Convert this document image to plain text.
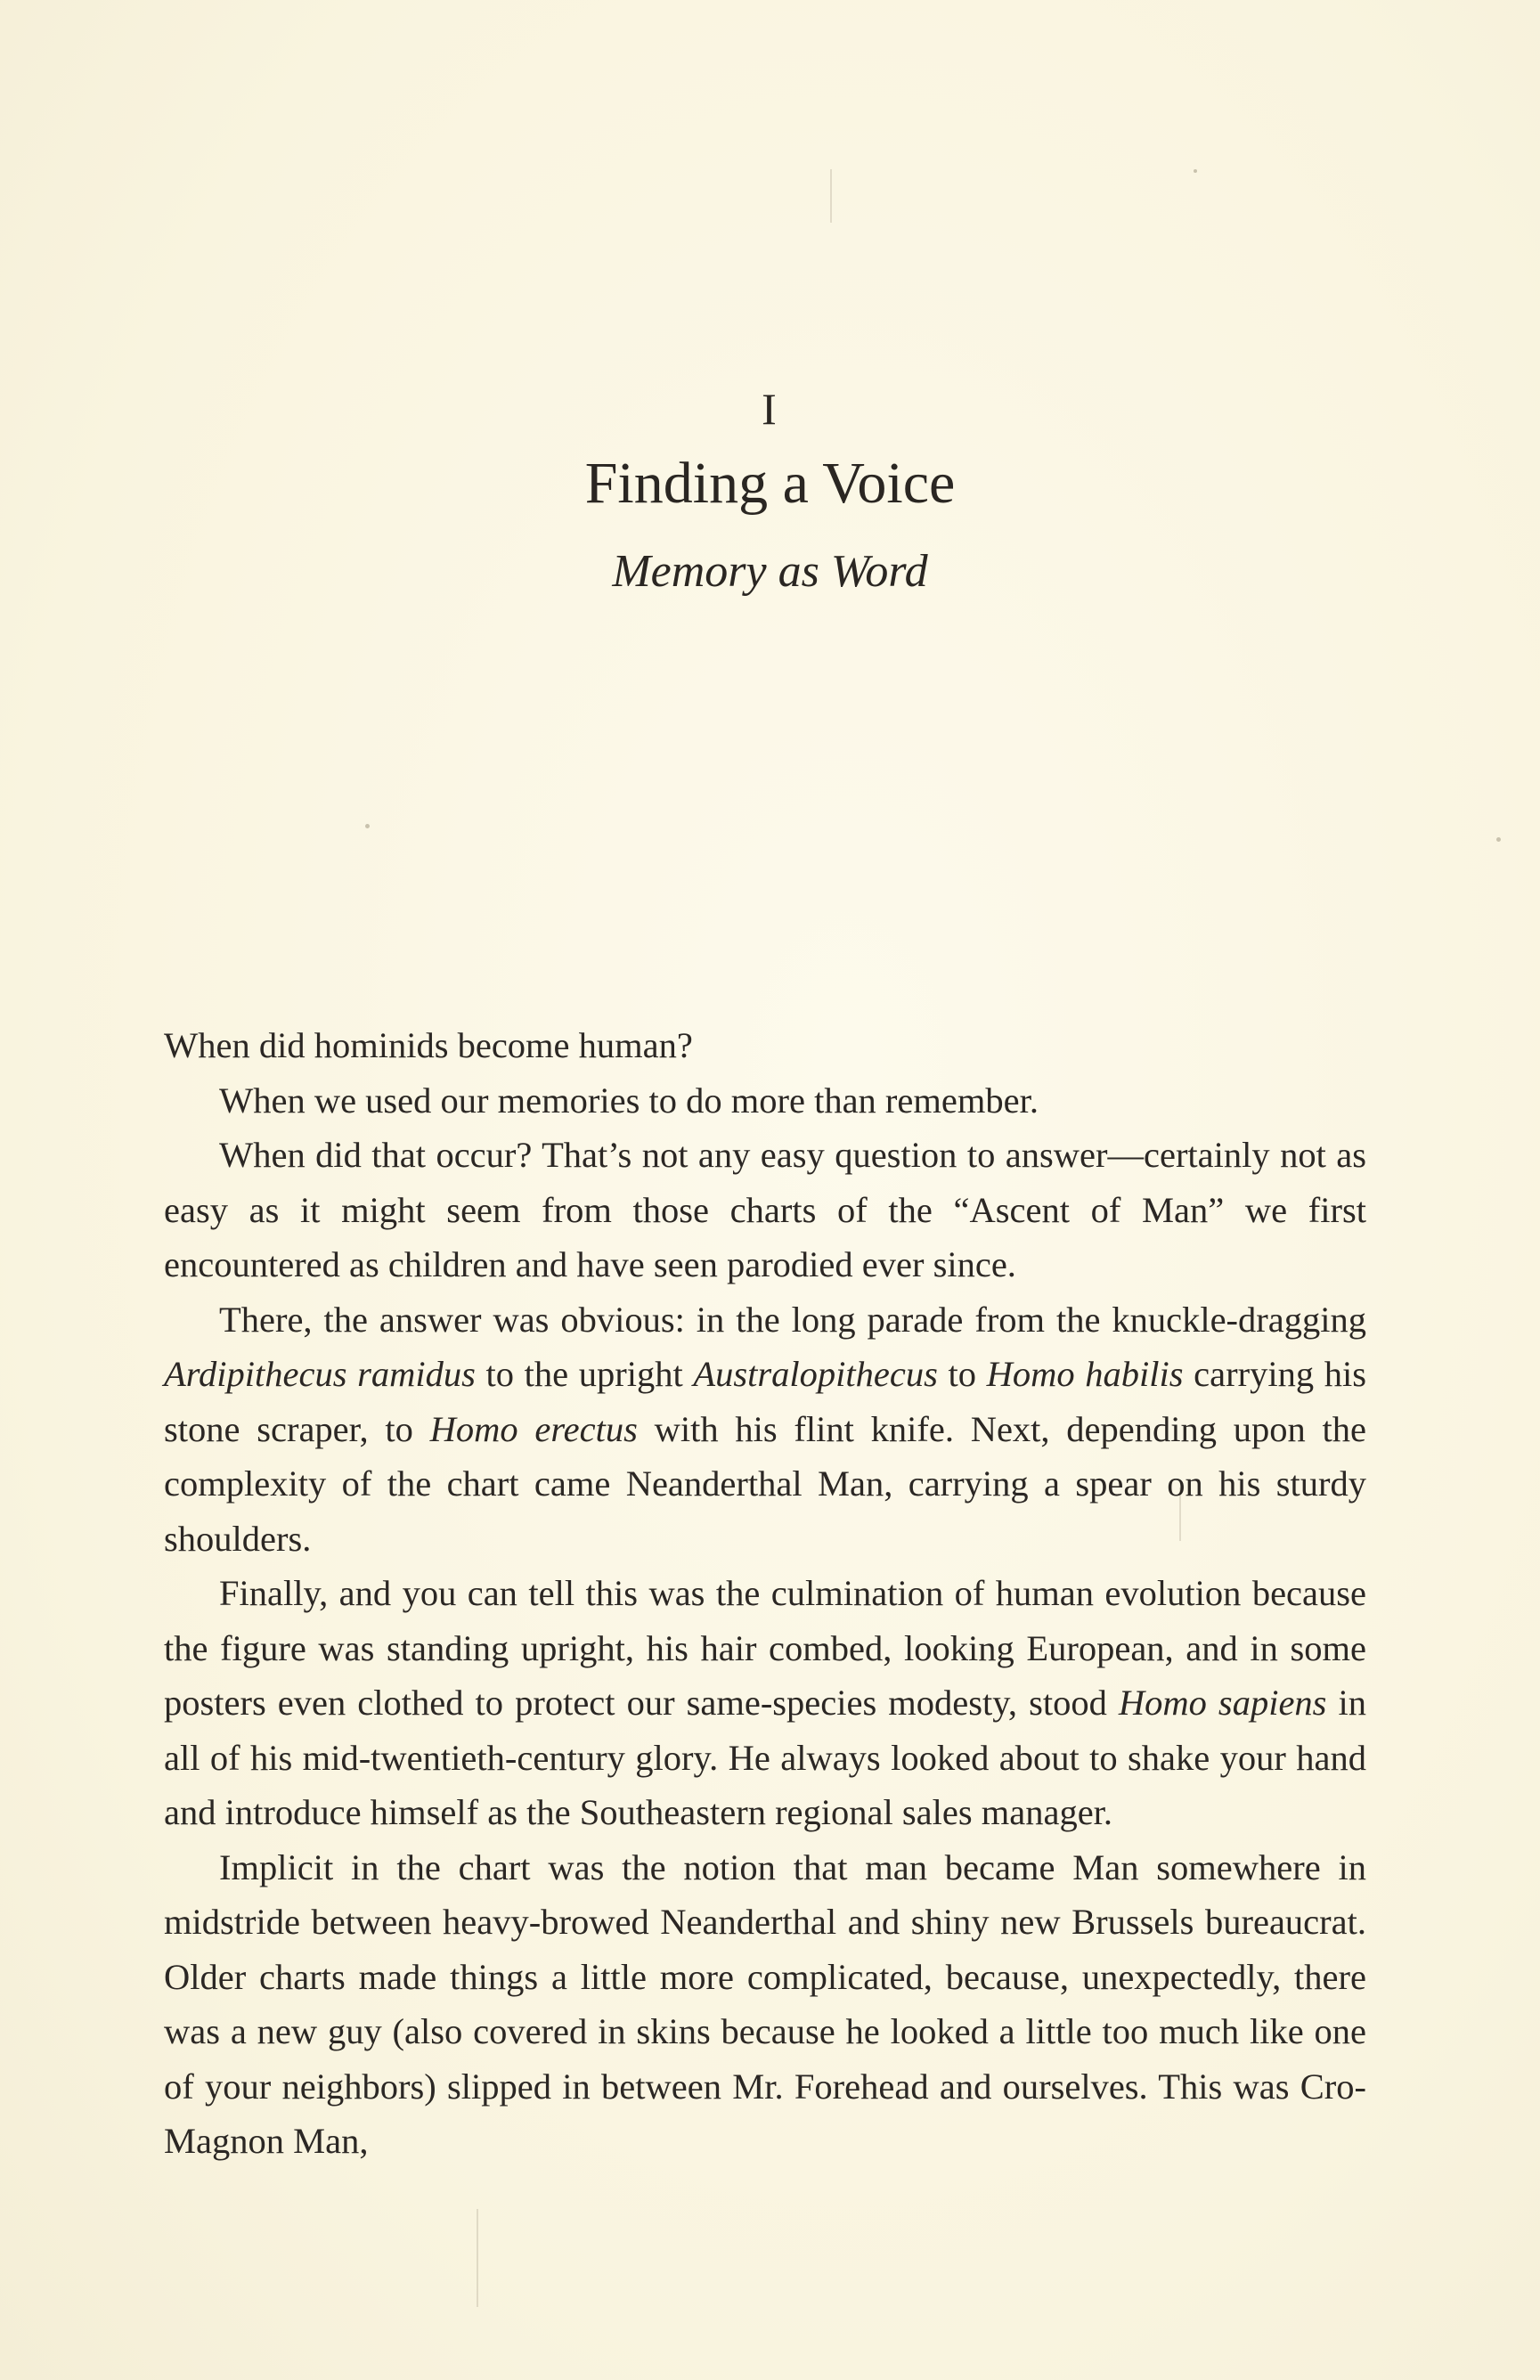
I
Finding a Voice
Memory as Word

When did hominids become human?

When we used our memories to do more than remember.

When did that occur? That’s not any easy question to answer—certainly not as easy as it might seem from those charts of the “Ascent of Man” we first encountered as children and have seen parodied ever since.

There, the answer was obvious: in the long parade from the knuckle-dragging Ardipithecus ramidus to the upright Australopithecus to Homo habilis carrying his stone scraper, to Homo erectus with his flint knife. Next, depending upon the complexity of the chart came Neanderthal Man, carrying a spear on his sturdy shoulders.

Finally, and you can tell this was the culmination of human evolution because the figure was standing upright, his hair combed, looking European, and in some posters even clothed to protect our same-species modesty, stood Homo sapiens in all of his mid-twentieth-century glory. He always looked about to shake your hand and introduce himself as the Southeastern regional sales manager.

Implicit in the chart was the notion that man became Man somewhere in midstride between heavy-browed Neanderthal and shiny new Brussels bureaucrat. Older charts made things a little more complicated, because, unexpectedly, there was a new guy (also covered in skins because he looked a little too much like one of your neighbors) slipped in between Mr. Forehead and ourselves. This was Cro-Magnon Man,
